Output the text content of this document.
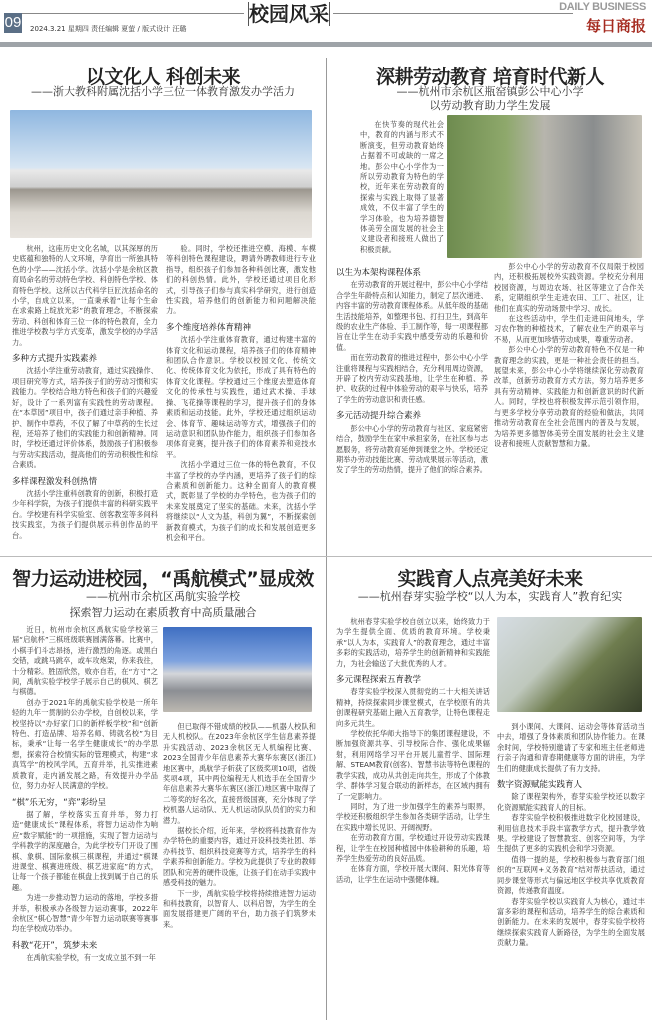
09 2024.3.21 星期四 责任编辑 夏萤 / 版式设计 汪璐
校园风采	DAILY BUSINESS
每日商报
以文化人 科创未来
——浙大教科附属沈括小学三位一体教育激发办学活力

杭州，这座历史文化名城，以其深厚的历史底蕴和独特的人文环境，孕育出一所独具特色的小学——沈括小学。沈括小学是余杭区教育局命名的劳动特色学校、科创特色学校、体育特色学校。这所以古代科学巨匠沈括命名的小学，自成立以来，一直秉承着“让每个生命在求索路上绽放光彩”的教育理念，不断探索劳动、科创和体育三位一体的特色教育，全力推进学校教与学方式变革，激发学校的办学活力。

多种方式提升实践素养

沈括小学注重劳动教育，通过实践操作、项目研究等方式，培养孩子们的劳动习惯和实践能力。学校结合地方特色和孩子们的兴趣爱好，设计了一系列富有实践性的劳动课程。在“本草园”项目中，孩子们通过亲手种植、养护、制作中草药，不仅了解了中草药的生长过程，还培养了他们的实践能力和创新精神。同时，学校还通过评价体系，鼓励孩子们积极参与劳动实践活动，提高他们的劳动积极性和综合素质。

多样课程激发科创热情

沈括小学注重科创教育的创新，积极打造少年科学院，为孩子们提供丰富的科研实践平台。学校建有科学实验室、创客教室等多间科技实践室，为孩子们提供展示科创作品的平台。

验。同时，学校还推进空模、海模、车模等科创特色课程建设，聘请外聘教师进行专业指导，组织孩子们参加各种科创比赛，激发他们的科创热情。此外，学校还通过项目化形式，引导孩子们参与真实科学研究，进行创造性实践，培养他们的创新能力和问题解决能力。

多个维度培养体育精神

沈括小学注重体育教育，通过构建丰富的体育文化和运动课程，培养孩子们的体育精神和团队合作意识。学校以校园文化、传统文化、传统体育文化为依托，形成了具有特色的体育文化课程。学校通过三个维度去塑造体育文化的传承性与实践性，通过武术操、手球操、飞花操等课程的学习，提升孩子们的身体素质和运动技能。此外，学校还通过组织运动会、体育节、趣味运动等方式，增强孩子们的运动意识和团队协作能力，组织孩子们参加各项体育竞赛，提升孩子们的体育素养和竞技水平。

沈括小学通过三位一体的特色教育，不仅丰富了学校的办学内涵，更培养了孩子们的综合素质和创新能力。这种全面育人的教育模式，既彰显了学校的办学特色，也为孩子们的未来发展奠定了坚实的基础。未来，沈括小学将继续以“人文为基，科创为翼”，不断探索创新教育模式，为孩子们的成长和发展创造更多机会和平台。

深耕劳动教育 培育时代新人
——杭州市余杭区瓶窑镇彭公中心小学
以劳动教育助力学生发展

在快节奏的现代社会中，教育的内涵与形式不断演变，但劳动教育始终占据着不可或缺的一席之地。彭公中心小学作为一所以劳动教育为特色的学校，近年来在劳动教育的探索与实践上取得了显著成效，不仅丰富了学生的学习体验，也为培养德智体美劳全面发展的社会主义建设者和接班人做出了积极贡献。

以生为本架构课程体系

在劳动教育的开展过程中，彭公中心小学结合学生年龄特点和认知能力，制定了层次递进、内容丰富的劳动教育课程体系。从低年级的基础生活技能培养，如整理书包、打扫卫生，到高年级的农业生产体验、手工制作等，每一项课程都旨在让学生在动手实践中感受劳动的乐趣和价值。

而在劳动教育的推进过程中，彭公中心小学注重将课程与实践相结合，充分利用周边资源，开辟了校内劳动实践基地，让学生在种植、养护、收获的过程中体验劳动的艰辛与快乐，培养了学生的劳动意识和责任感。

多元活动提升综合素养

彭公中心小学的劳动教育与社区、家庭紧密结合，鼓励学生在家中承担家务，在社区参与志愿服务，将劳动教育延伸到课堂之外。学校还定期举办劳动技能比赛、劳动成果展示等活动，激发了学生的劳动热情，提升了他们的综合素养。

彭公中心小学的劳动教育不仅局限于校园内，还积极拓展校外实践资源。学校充分利用校园资源，与周边农场、社区等建立了合作关系，定期组织学生走进农田、工厂、社区，让他们在真实的劳动场景中学习、成长。

在这些活动中，学生们走进田间地头，学习农作物的种植技术，了解农业生产的艰辛与不易，从而更加珍惜劳动成果，尊重劳动者。

彭公中心小学的劳动教育特色不仅是一种教育理念的实践，更是一种社会责任的担当。展望未来，彭公中心小学将继续深化劳动教育改革，创新劳动教育方式方法，努力培养更多具有劳动精神、实践能力和创新意识的时代新人。同时，学校也将积极发挥示范引领作用，与更多学校分享劳动教育的经验和做法，共同推动劳动教育在全社会范围内的普及与发展，为培养更多德智体美劳全面发展的社会主义建设者和接班人贡献智慧和力量。

智力运动进校园，“禹航模式”显成效
——杭州市余杭区禹航实验学校
探索智力运动在素质教育中高质量融合

近日，杭州市余杭区禹航实验学校第三届“启航杯”三棋班级联赛圆满落幕。比赛中，小棋手们斗志昂扬，进行激烈的角逐。或黑白交错，或跳马跳卒，或车攻炮架，你来我往，十分精彩。胜固欣然，败亦自若，在“方寸”之间，禹航实验学校学子展示自己的棋风、棋艺与棋德。

创办于2021年的禹航实验学校是一所年轻的九年一贯制的公办学校，自创校以来，学校坚持以“办好家门口的新样板学校”和“创新特色、打造品牌、培养名师、铸就名校”为目标，秉承“让每一名学生健康成长”的办学思想，探索符合校情实际的管理模式，构建“求真笃学”的校风学风，五育并举，扎实推进素质教育，走内涵发展之路，有效提升办学品位，努力办好人民满意的学校。

“棋”乐无穷，“弈”彩纷呈

据了解，学校落实五育并举，努力打造“健康成长”课程体系，将智力运动作为响应“数字赋能”的一项措施，实现了智力运动与学科教学的深度融合，为此学校专门开设了围棋、象棋、国际象棋三棋课程，并通过“棋课进课堂、棋赛进班级、棋艺进家庭”的方式，让每一个孩子都能在棋盘上找到属于自己的乐趣。

为进一步推动智力运动的落地，学校多措并举，积极承办各级智力运动赛事，2022年余杭区“棋心智慧”青少年智力运动联赛等赛事均在学校成功举办。

科教“花开”，筑梦未来

在禹航实验学校，有一支成立虽不到一年

但已取得不错成绩的校队——机器人校队和无人机校队。在2023年余杭区学生信息素养提升实践活动、2023余杭区无人机编程比赛、2023全国青少年信息素养大赛华东赛区(浙江)地区赛中，禹航学子斩获了区级奖项10项，省级奖项4项，其中两位编程无人机选手在全国青少年信息素养大赛华东赛区(浙江)地区赛中取得了二等奖的好名次，直接晋级国赛，充分体现了学校机器人运动队、无人机运动队队员们的实力和潜力。

据校长介绍，近年来，学校将科技教育作为办学特色的重要内容，通过开设科技类社团、举办科技节、组织科技竞赛等方式，培养学生的科学素养和创新能力。学校为此提供了专业的教师团队和完善的硬件设施，让孩子们在动手实践中感受科技的魅力。

下一步，禹航实验学校将持续推进智力运动和科技教育，以智育人、以科启智，为学生的全面发展搭建更广阔的平台，助力孩子们筑梦未来。

实践育人点亮美好未来
——杭州春芽实验学校“以人为本，实践育人”教育纪实

杭州春芽实验学校自创立以来，始终致力于为学生提供全面、优质的教育环境。学校秉承“以人为本，实践育人”的教育理念，通过丰富多彩的实践活动，培养学生的创新精神和实践能力，为社会输送了大批优秀的人才。

多元课程探索五育教学

春芽实验学校深入贯彻党的二十大相关讲话精神，持续探索同步课堂模式，在学校原有的共创课程研究基础上融入五育教学，让特色课程走向多元共生。

学校依托华师大指导下的集团课程建设，不断加强资源共享、引导校际合作、强化成果辐射，利用网络学习平台开展儿童哲学、国际理解、STEAM教育(创客)、智慧书法等特色课程的教学实践，成功从共创走向共生，形成了个体教学、群体学习复合联动的新样态，在区域内拥有了一定影响力。

同时，为了进一步加强学生的素养与眼界，学校还积极组织学生参加各类研学活动，让学生在实践中增长见识、开阔视野。

在劳动教育方面，学校通过开设劳动实践课程，让学生在校园种植园中体验耕种的乐趣，培养学生热爱劳动的良好品质。

在体育方面，学校开展大课间、阳光体育等活动，让学生在运动中强健体魄。

到小课间、大课间、运动会等体育活动当中去，增强了身体素质和团队协作能力。在课余时间，学校特别邀请了专家和班主任老师进行亲子沟通和青春期健康等方面的讲座，为学生们的健康成长提供了有力支持。

数字资源赋能实践育人

除了课程架构外，春芽实验学校还以数字化资源赋能实践育人的目标。

春芽实验学校积极推进数字化校园建设，利用信息技术手段丰富教学方式，提升教学效果。学校建设了智慧教室、创客空间等，为学生提供了更多的实践机会和学习资源。

值得一提的是，学校积极参与教育部门组织的“互联网+义务教育”结对帮扶活动，通过同步课堂等形式与偏远地区学校共享优质教育资源，传递教育温度。

春芽实验学校以实践育人为核心，通过丰富多彩的课程和活动，培养学生的综合素质和创新能力。在未来的发展中，春芽实验学校将继续探索实践育人新路径，为学生的全面发展贡献力量。
